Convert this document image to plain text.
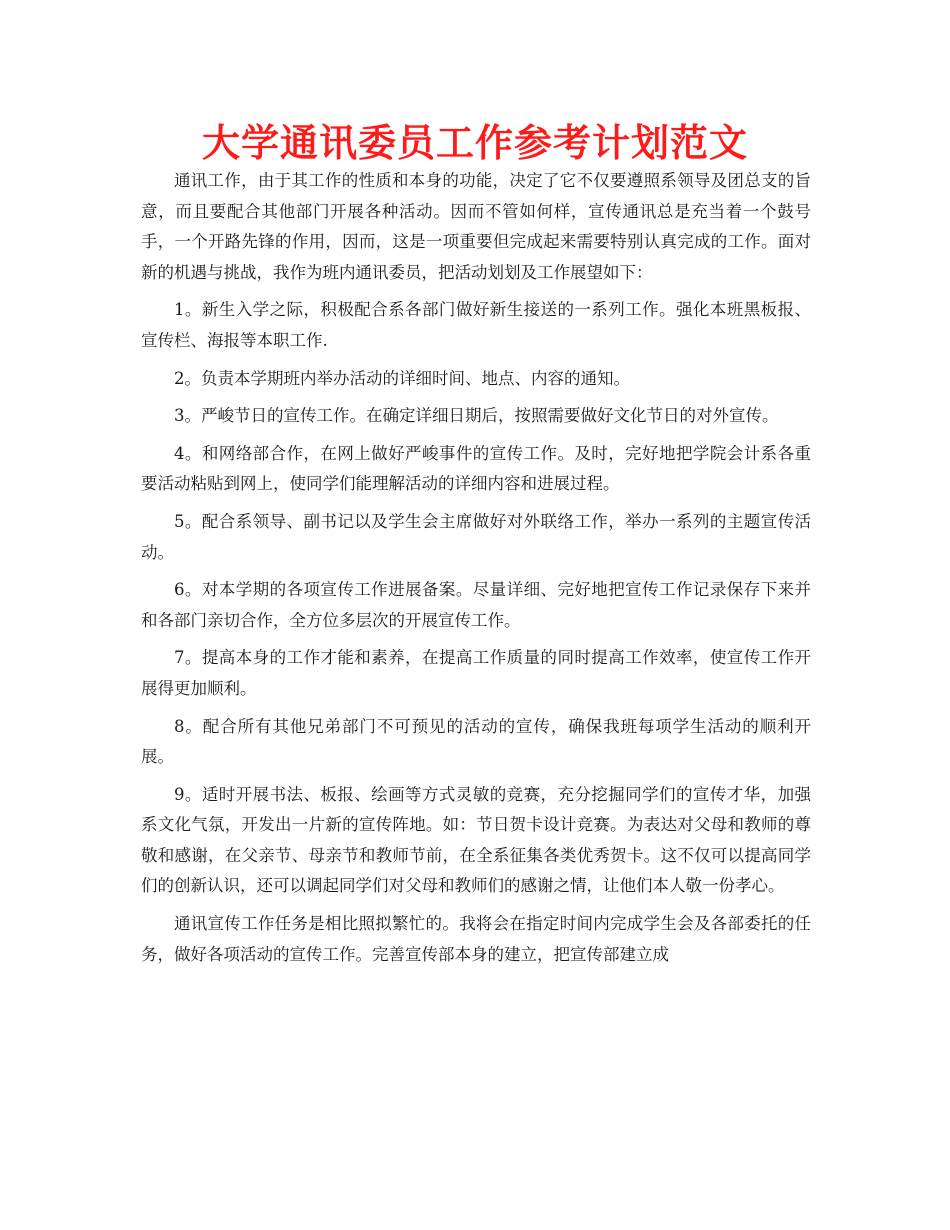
大学通讯委员工作参考计划范文

通讯工作，由于其工作的性质和本身的功能，决定了它不仅要遵照系领导及团总支的旨意，而且要配合其他部门开展各种活动。因而不管如何样，宣传通讯总是充当着一个鼓号手，一个开路先锋的作用，因而，这是一项重要但完成起来需要特别认真完成的工作。面对新的机遇与挑战，我作为班内通讯委员，把活动划划及工作展望如下：

1。新生入学之际，积极配合系各部门做好新生接送的一系列工作。强化本班黑板报、宣传栏、海报等本职工作.

2。负责本学期班内举办活动的详细时间、地点、内容的通知。

3。严峻节日的宣传工作。在确定详细日期后，按照需要做好文化节日的对外宣传。

4。和网络部合作，在网上做好严峻事件的宣传工作。及时，完好地把学院会计系各重要活动粘贴到网上，使同学们能理解活动的详细内容和进展过程。

5。配合系领导、副书记以及学生会主席做好对外联络工作，举办一系列的主题宣传活动。

6。对本学期的各项宣传工作进展备案。尽量详细、完好地把宣传工作记录保存下来并和各部门亲切合作，全方位多层次的开展宣传工作。

7。提高本身的工作才能和素养，在提高工作质量的同时提高工作效率，使宣传工作开展得更加顺利。

8。配合所有其他兄弟部门不可预见的活动的宣传，确保我班每项学生活动的顺利开展。

9。适时开展书法、板报、绘画等方式灵敏的竞赛，充分挖掘同学们的宣传才华，加强系文化气氛，开发出一片新的宣传阵地。如：节日贺卡设计竞赛。为表达对父母和教师的尊敬和感谢，在父亲节、母亲节和教师节前，在全系征集各类优秀贺卡。这不仅可以提高同学们的创新认识，还可以调起同学们对父母和教师们的感谢之情，让他们本人敬一份孝心。

通讯宣传工作任务是相比照拟繁忙的。我将会在指定时间内完成学生会及各部委托的任务，做好各项活动的宣传工作。完善宣传部本身的建立，把宣传部建立成
